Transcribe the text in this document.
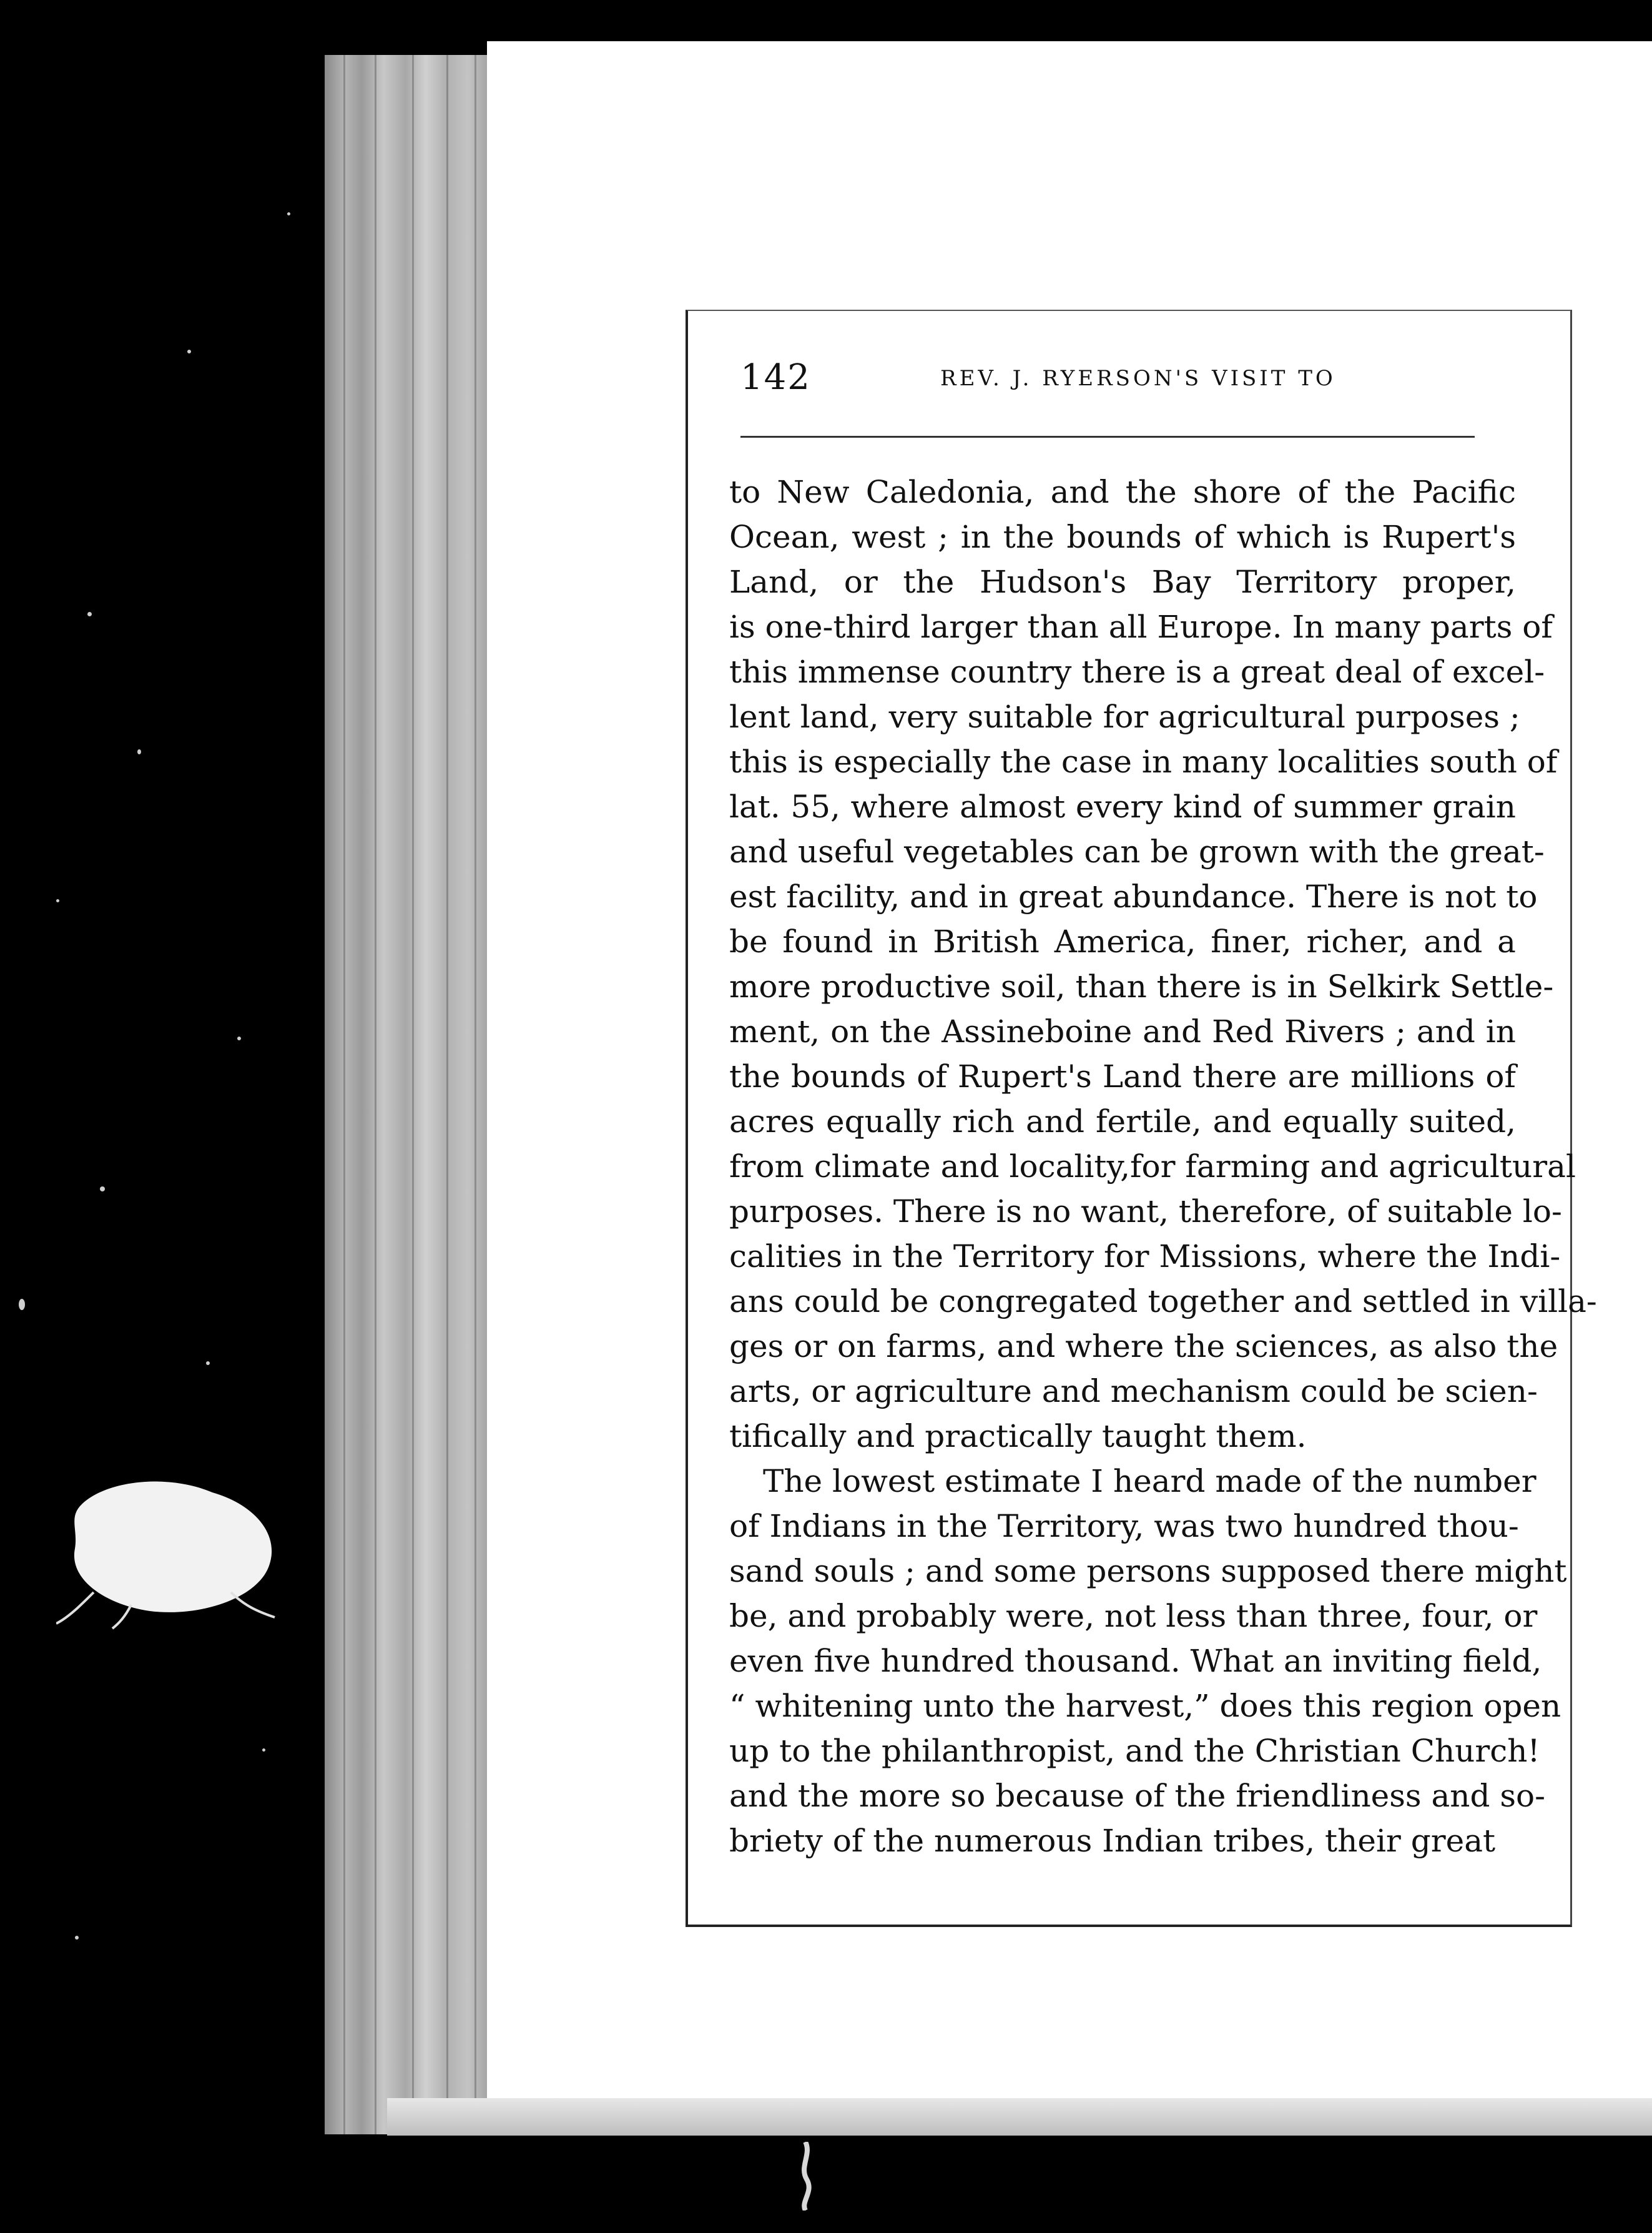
142	REV. J. RYERSON'S VISIT TO
to New Caledonia, and the shore of the Pacific
Ocean, west ; in the bounds of which is Rupert's
Land, or the Hudson's Bay Territory proper,
is one-third larger than all Europe. In many parts of
this immense country there is a great deal of excel-
lent land, very suitable for agricultural purposes ;
this is especially the case in many localities south of
lat. 55, where almost every kind of summer grain
and useful vegetables can be grown with the great-
est facility, and in great abundance. There is not to
be found in British America, finer, richer, and a
more productive soil, than there is in Selkirk Settle-
ment, on the Assineboine and Red Rivers ; and in
the bounds of Rupert's Land there are millions of
acres equally rich and fertile, and equally suited,
from climate and locality,for farming and agricultural
purposes. There is no want, therefore, of suitable lo-
calities in the Territory for Missions, where the Indi-
ans could be congregated together and settled in villa-
ges or on farms, and where the sciences, as also the
arts, or agriculture and mechanism could be scien-
tifically and practically taught them.
The lowest estimate I heard made of the number
of Indians in the Territory, was two hundred thou-
sand souls ; and some persons supposed there might
be, and probably were, not less than three, four, or
even five hundred thousand. What an inviting field,
“ whitening unto the harvest,” does this region open
up to the philanthropist, and the Christian Church!
and the more so because of the friendliness and so-
briety of the numerous Indian tribes, their great
